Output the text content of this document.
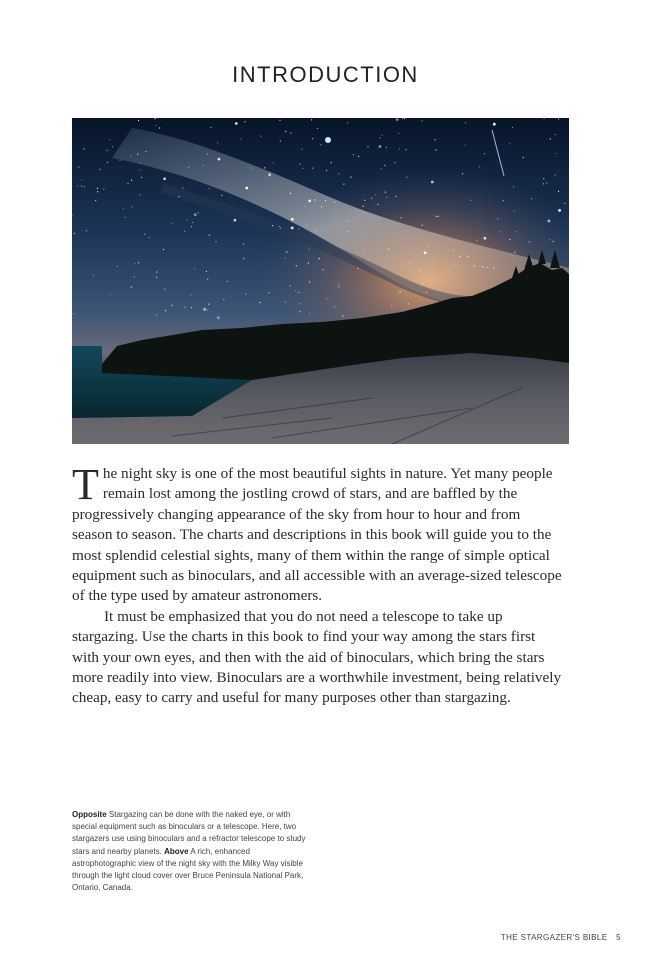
INTRODUCTION

The night sky is one of the most beautiful sights in nature. Yet many people remain lost among the jostling crowd of stars, and are baffled by the progressively changing appearance of the sky from hour to hour and from season to season. The charts and descriptions in this book will guide you to the most splendid celestial sights, many of them within the range of simple optical equipment such as binoculars, and all accessible with an average-sized telescope of the type used by amateur astronomers.

It must be emphasized that you do not need a telescope to take up stargazing. Use the charts in this book to find your way among the stars first with your own eyes, and then with the aid of binoculars, which bring the stars more readily into view. Binoculars are a worthwhile investment, being relatively cheap, easy to carry and useful for many purposes other than stargazing.

Opposite Stargazing can be done with the naked eye, or with special equipment such as binoculars or a telescope. Here, two stargazers use using binoculars and a refractor telescope to study stars and nearby planets. Above A rich, enhanced astrophotographic view of the night sky with the Milky Way visible through the light cloud cover over Bruce Peninsula National Park, Ontario, Canada.
THE STARGAZER'S BIBLE 5
